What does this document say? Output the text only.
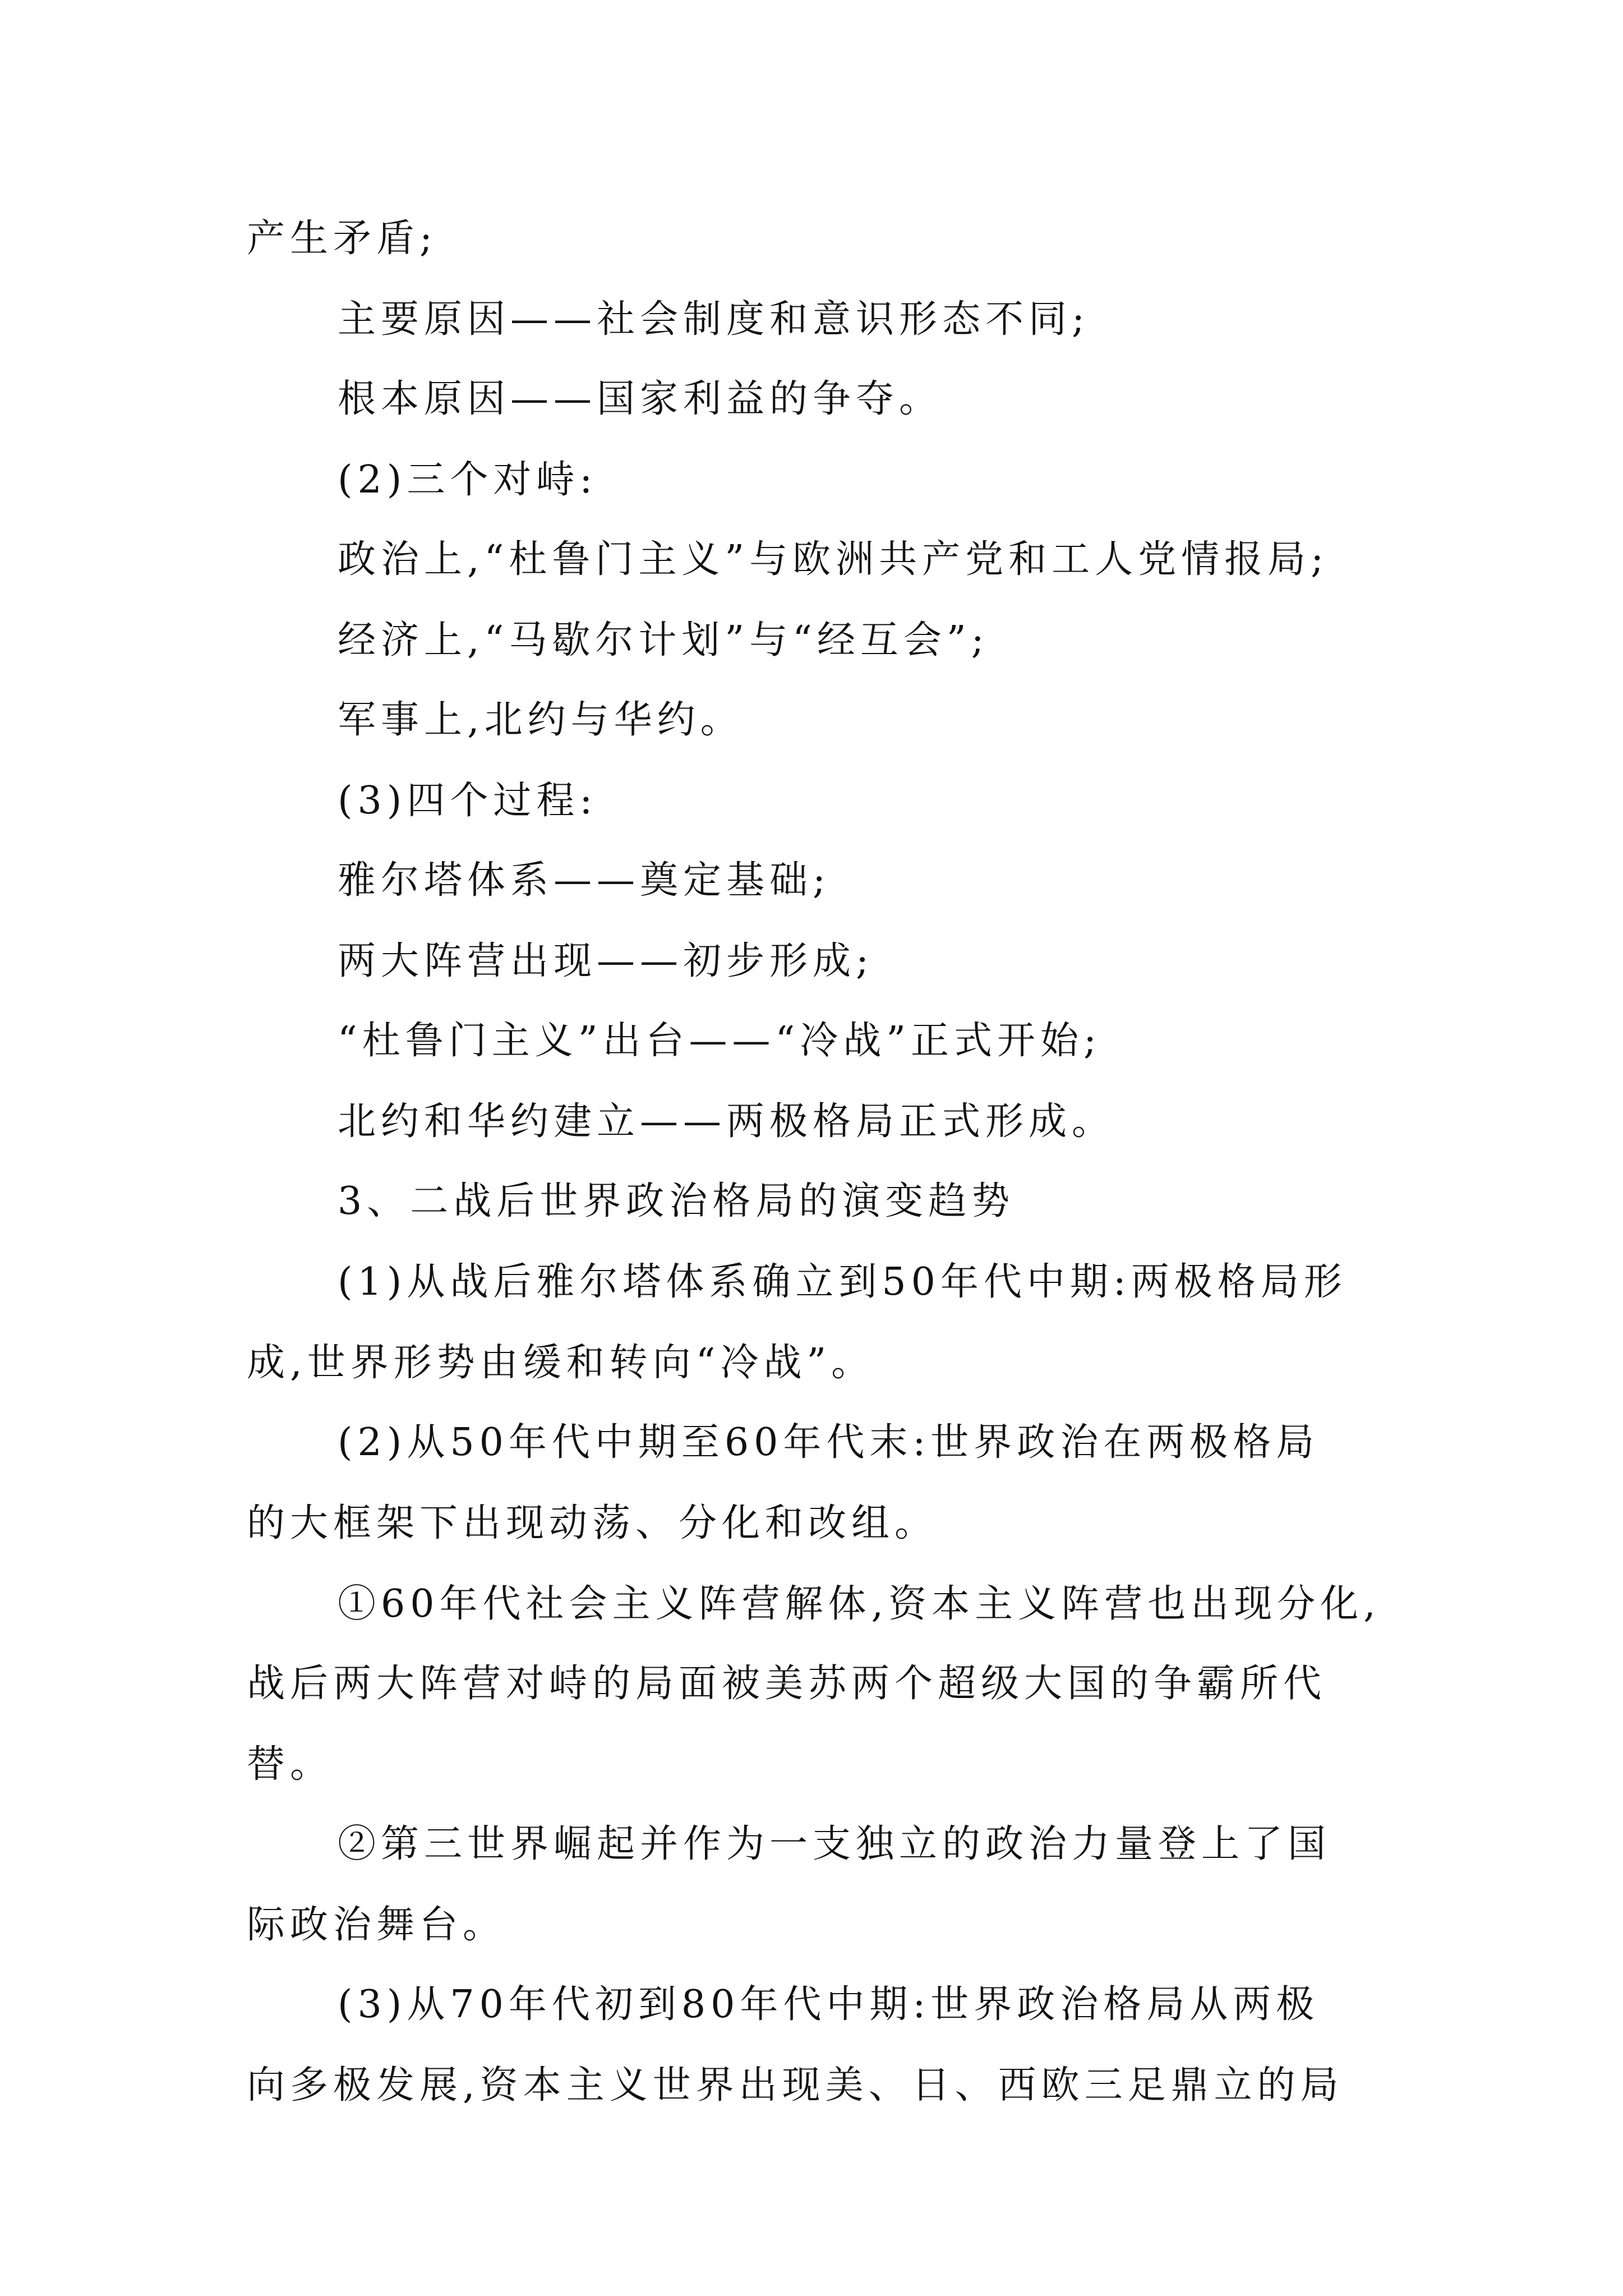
产生矛盾;
主要原因——社会制度和意识形态不同;
根本原因——国家利益的争夺。
(2)三个对峙:
政治上,“杜鲁门主义”与欧洲共产党和工人党情报局;
经济上,“马歇尔计划”与“经互会”;
军事上,北约与华约。
(3)四个过程:
雅尔塔体系——奠定基础;
两大阵营出现——初步形成;
“杜鲁门主义”出台——“冷战”正式开始;
北约和华约建立——两极格局正式形成。
3、二战后世界政治格局的演变趋势
(1)从战后雅尔塔体系确立到50年代中期:两极格局形
成,世界形势由缓和转向“冷战”。
(2)从50年代中期至60年代末:世界政治在两极格局
的大框架下出现动荡、分化和改组。
①60年代社会主义阵营解体,资本主义阵营也出现分化,
战后两大阵营对峙的局面被美苏两个超级大国的争霸所代
替。
②第三世界崛起并作为一支独立的政治力量登上了国
际政治舞台。
(3)从70年代初到80年代中期:世界政治格局从两极
向多极发展,资本主义世界出现美、日、西欧三足鼎立的局
